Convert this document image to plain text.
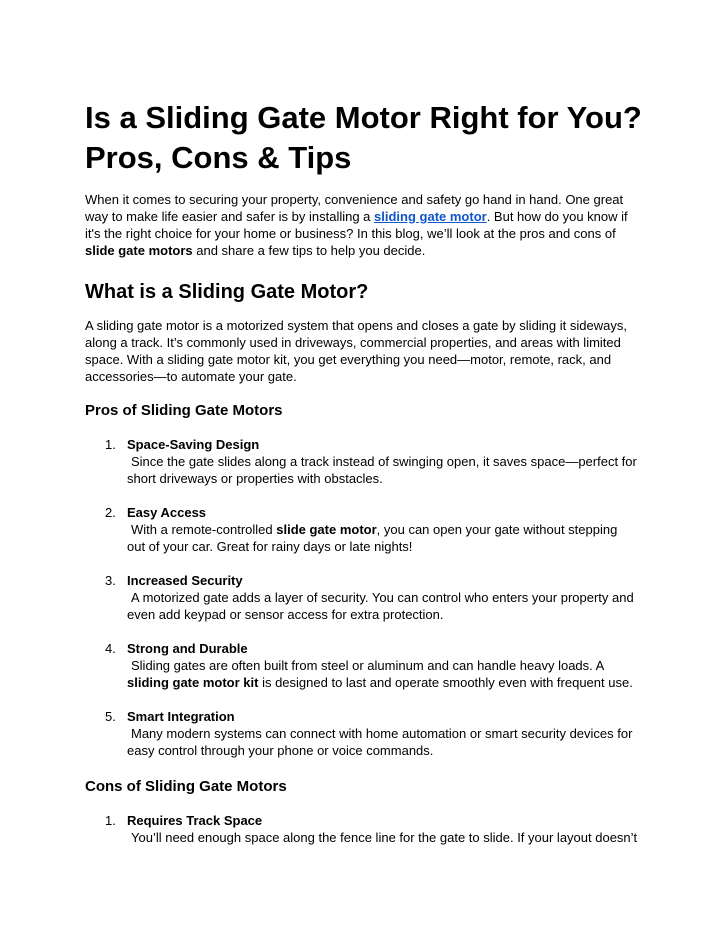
Is a Sliding Gate Motor Right for You? Pros, Cons & Tips

When it comes to securing your property, convenience and safety go hand in hand. One great way to make life easier and safer is by installing a sliding gate motor. But how do you know if it's the right choice for your home or business? In this blog, we’ll look at the pros and cons of slide gate motors and share a few tips to help you decide.

What is a Sliding Gate Motor?

A sliding gate motor is a motorized system that opens and closes a gate by sliding it sideways, along a track. It’s commonly used in driveways, commercial properties, and areas with limited space. With a sliding gate motor kit, you get everything you need—motor, remote, rack, and accessories—to automate your gate.

Pros of Sliding Gate Motors
1. Space-Saving Design
Since the gate slides along a track instead of swinging open, it saves space—perfect for
short driveways or properties with obstacles.
2. Easy Access
With a remote-controlled slide gate motor, you can open your gate without stepping
out of your car. Great for rainy days or late nights!
3. Increased Security
A motorized gate adds a layer of security. You can control who enters your property and
even add keypad or sensor access for extra protection.
4. Strong and Durable
Sliding gates are often built from steel or aluminum and can handle heavy loads. A
sliding gate motor kit is designed to last and operate smoothly even with frequent use.
5. Smart Integration
Many modern systems can connect with home automation or smart security devices for
easy control through your phone or voice commands.
Cons of Sliding Gate Motors
1. Requires Track Space
You’ll need enough space along the fence line for the gate to slide. If your layout doesn’t
